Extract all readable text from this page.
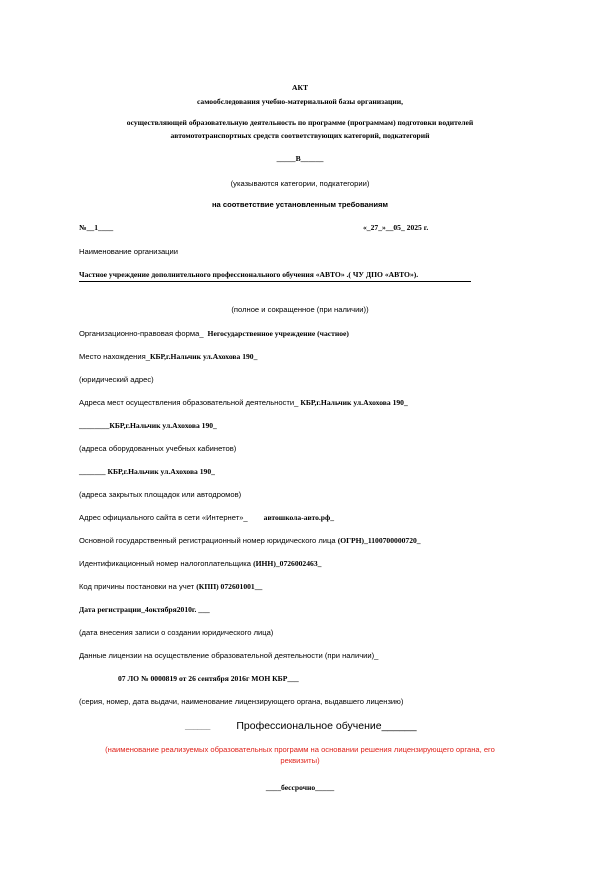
АКТ
самообследования учебно-материальной базы организации,
осуществляющей образовательную деятельность по программе (программам) подготовки водителей
автомототранспортных средств соответствующих категорий, подкатегорий
_____В______
(указываются категории, подкатегории)
на соответствие установленным требованиям
№__1____	«_27_»__05_ 2025 г.
Наименование организации
Частное учреждение дополнительного профессионального обучения «АВТО» .( ЧУ ДПО «АВТО»).
(полное и сокращенное (при наличии))
Организационно-правовая форма_ Негосударственное учреждение (частное)
Место нахождения_КБР,г.Нальчик ул.Ахохова 190_
(юридический адрес)
Адреса мест осуществления образовательной деятельности_ КБР,г.Нальчик ул.Ахохова 190_
________КБР,г.Нальчик ул.Ахохова 190_
(адреса оборудованных учебных кабинетов)
_______ КБР,г.Нальчик ул.Ахохова 190_
(адреса закрытых площадок или автодромов)
Адрес официального сайта в сети «Интернет»_ автошкола-авто.рф_
Основной государственный регистрационный номер юридического лица (ОГРН)_1100700000720_
Идентификационный номер налогоплательщика (ИНН)_0726002463_
Код причины постановки на учет (КПП) 072601001__
Дата регистрации_4октября2010г. ___
(дата внесения записи о создании юридического лица)
Данные лицензии на осуществление образовательной деятельности (при наличии)_
07 ЛО № 0000819 от 26 сентября 2016г МОН КБР___
(серия, номер, дата выдачи, наименование лицензирующего органа, выдавшего лицензию)
______ Профессиональное обучение______
(наименование реализуемых образовательных программ на основании решения лицензирующего органа, его
реквизиты)
____бессрочно_____
